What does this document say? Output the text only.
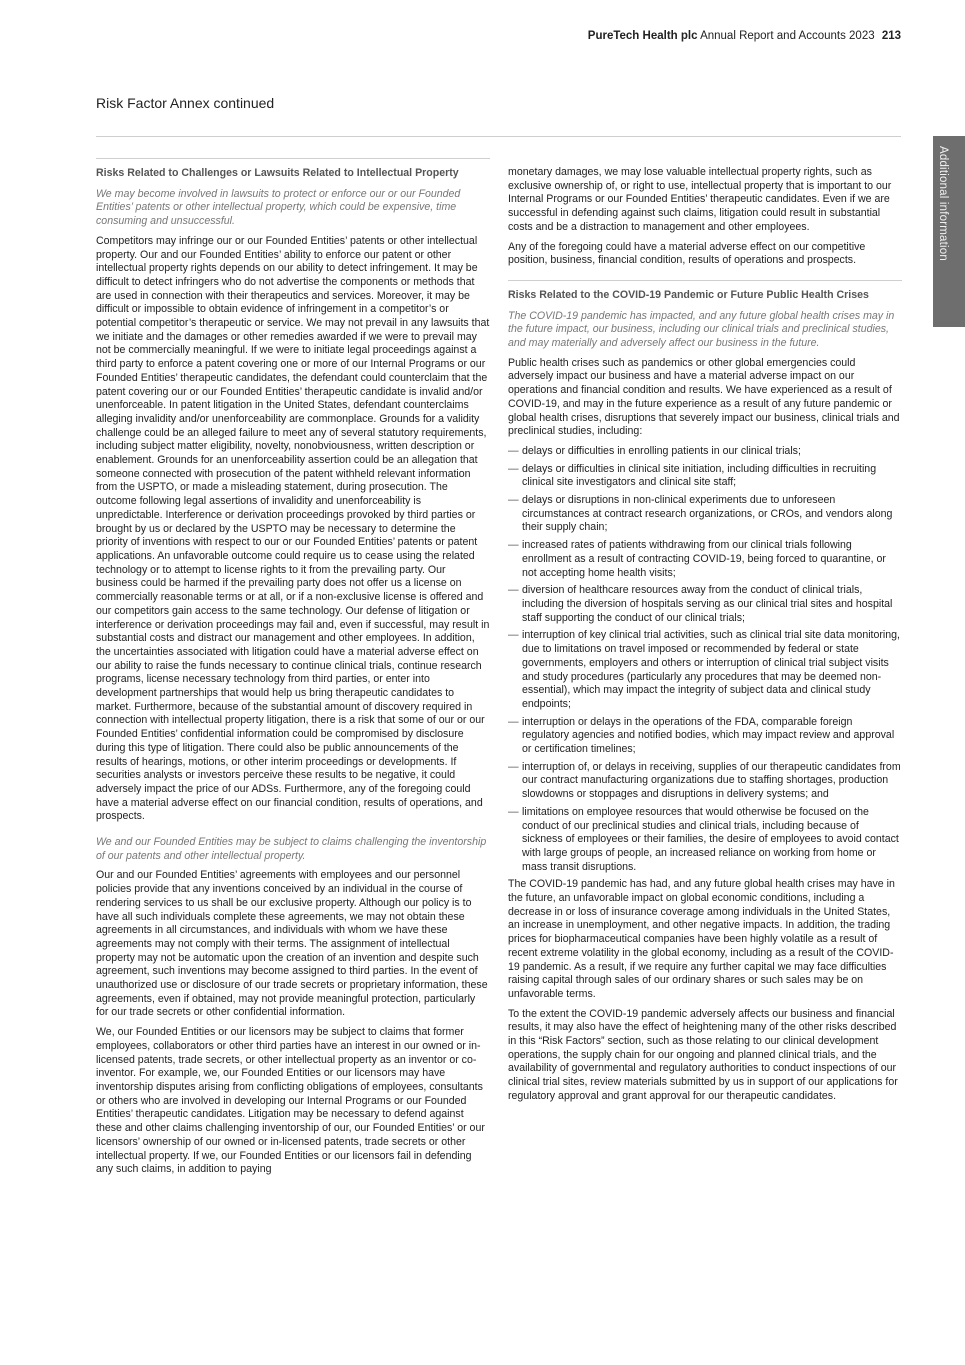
PureTech Health plc Annual Report and Accounts 2023 213
Risk Factor Annex continued
Additional information
Risks Related to Challenges or Lawsuits Related to Intellectual Property

We may become involved in lawsuits to protect or enforce our or our Founded Entities’ patents or other intellectual property, which could be expensive, time consuming and unsuccessful.

Competitors may infringe our or our Founded Entities’ patents or other intellectual property. Our and our Founded Entities’ ability to enforce our patent or other intellectual property rights depends on our ability to detect infringement. It may be difficult to detect infringers who do not advertise the components or methods that are used in connection with their therapeutics and services. Moreover, it may be difficult or impossible to obtain evidence of infringement in a competitor’s or potential competitor’s therapeutic or service. We may not prevail in any lawsuits that we initiate and the damages or other remedies awarded if we were to prevail may not be commercially meaningful. If we were to initiate legal proceedings against a third party to enforce a patent covering one or more of our Internal Programs or our Founded Entities’ therapeutic candidates, the defendant could counterclaim that the patent covering our or our Founded Entities’ therapeutic candidate is invalid and/or unenforceable. In patent litigation in the United States, defendant counterclaims alleging invalidity and/or unenforceability are commonplace. Grounds for a validity challenge could be an alleged failure to meet any of several statutory requirements, including subject matter eligibility, novelty, nonobviousness, written description or enablement. Grounds for an unenforceability assertion could be an allegation that someone connected with prosecution of the patent withheld relevant information from the USPTO, or made a misleading statement, during prosecution. The outcome following legal assertions of invalidity and unenforceability is unpredictable. Interference or derivation proceedings provoked by third parties or brought by us or declared by the USPTO may be necessary to determine the priority of inventions with respect to our or our Founded Entities’ patents or patent applications. An unfavorable outcome could require us to cease using the related technology or to attempt to license rights to it from the prevailing party. Our business could be harmed if the prevailing party does not offer us a license on commercially reasonable terms or at all, or if a non-exclusive license is offered and our competitors gain access to the same technology. Our defense of litigation or interference or derivation proceedings may fail and, even if successful, may result in substantial costs and distract our management and other employees. In addition, the uncertainties associated with litigation could have a material adverse effect on our ability to raise the funds necessary to continue clinical trials, continue research programs, license necessary technology from third parties, or enter into development partnerships that would help us bring therapeutic candidates to market. Furthermore, because of the substantial amount of discovery required in connection with intellectual property litigation, there is a risk that some of our or our Founded Entities’ confidential information could be compromised by disclosure during this type of litigation. There could also be public announcements of the results of hearings, motions, or other interim proceedings or developments. If securities analysts or investors perceive these results to be negative, it could adversely impact the price of our ADSs. Furthermore, any of the foregoing could have a material adverse effect on our financial condition, results of operations, and prospects.

We and our Founded Entities may be subject to claims challenging the inventorship of our patents and other intellectual property.

Our and our Founded Entities’ agreements with employees and our personnel policies provide that any inventions conceived by an individual in the course of rendering services to us shall be our exclusive property. Although our policy is to have all such individuals complete these agreements, we may not obtain these agreements in all circumstances, and individuals with whom we have these agreements may not comply with their terms. The assignment of intellectual property may not be automatic upon the creation of an invention and despite such agreement, such inventions may become assigned to third parties. In the event of unauthorized use or disclosure of our trade secrets or proprietary information, these agreements, even if obtained, may not provide meaningful protection, particularly for our trade secrets or other confidential information.

We, our Founded Entities or our licensors may be subject to claims that former employees, collaborators or other third parties have an interest in our owned or in-licensed patents, trade secrets, or other intellectual property as an inventor or co-inventor. For example, we, our Founded Entities or our licensors may have inventorship disputes arising from conflicting obligations of employees, consultants or others who are involved in developing our Internal Programs or our Founded Entities’ therapeutic candidates. Litigation may be necessary to defend against these and other claims challenging inventorship of our, our Founded Entities’ or our licensors’ ownership of our owned or in-licensed patents, trade secrets or other intellectual property. If we, our Founded Entities or our licensors fail in defending any such claims, in addition to paying

monetary damages, we may lose valuable intellectual property rights, such as exclusive ownership of, or right to use, intellectual property that is important to our Internal Programs or our Founded Entities’ therapeutic candidates. Even if we are successful in defending against such claims, litigation could result in substantial costs and be a distraction to management and other employees.

Any of the foregoing could have a material adverse effect on our competitive position, business, financial condition, results of operations and prospects.

Risks Related to the COVID-19 Pandemic or Future Public Health Crises

The COVID-19 pandemic has impacted, and any future global health crises may in the future impact, our business, including our clinical trials and preclinical studies, and may materially and adversely affect our business in the future.

Public health crises such as pandemics or other global emergencies could adversely impact our business and have a material adverse impact on our operations and financial condition and results. We have experienced as a result of COVID-19, and may in the future experience as a result of any future pandemic or global health crises, disruptions that severely impact our business, clinical trials and preclinical studies, including:

— delays or difficulties in enrolling patients in our clinical trials;
— delays or difficulties in clinical site initiation, including difficulties in recruiting clinical site investigators and clinical site staff;
— delays or disruptions in non-clinical experiments due to unforeseen circumstances at contract research organizations, or CROs, and vendors along their supply chain;
— increased rates of patients withdrawing from our clinical trials following enrollment as a result of contracting COVID-19, being forced to quarantine, or not accepting home health visits;
— diversion of healthcare resources away from the conduct of clinical trials, including the diversion of hospitals serving as our clinical trial sites and hospital staff supporting the conduct of our clinical trials;
— interruption of key clinical trial activities, such as clinical trial site data monitoring, due to limitations on travel imposed or recommended by federal or state governments, employers and others or interruption of clinical trial subject visits and study procedures (particularly any procedures that may be deemed non-essential), which may impact the integrity of subject data and clinical study endpoints;
— interruption or delays in the operations of the FDA, comparable foreign regulatory agencies and notified bodies, which may impact review and approval or certification timelines;
— interruption of, or delays in receiving, supplies of our therapeutic candidates from our contract manufacturing organizations due to staffing shortages, production slowdowns or stoppages and disruptions in delivery systems; and
— limitations on employee resources that would otherwise be focused on the conduct of our preclinical studies and clinical trials, including because of sickness of employees or their families, the desire of employees to avoid contact with large groups of people, an increased reliance on working from home or mass transit disruptions.

The COVID-19 pandemic has had, and any future global health crises may have in the future, an unfavorable impact on global economic conditions, including a decrease in or loss of insurance coverage among individuals in the United States, an increase in unemployment, and other negative impacts. In addition, the trading prices for biopharmaceutical companies have been highly volatile as a result of recent extreme volatility in the global economy, including as a result of the COVID-19 pandemic. As a result, if we require any further capital we may face difficulties raising capital through sales of our ordinary shares or such sales may be on unfavorable terms.

To the extent the COVID-19 pandemic adversely affects our business and financial results, it may also have the effect of heightening many of the other risks described in this “Risk Factors” section, such as those relating to our clinical development operations, the supply chain for our ongoing and planned clinical trials, and the availability of governmental and regulatory authorities to conduct inspections of our clinical trial sites, review materials submitted by us in support of our applications for regulatory approval and grant approval for our therapeutic candidates.
